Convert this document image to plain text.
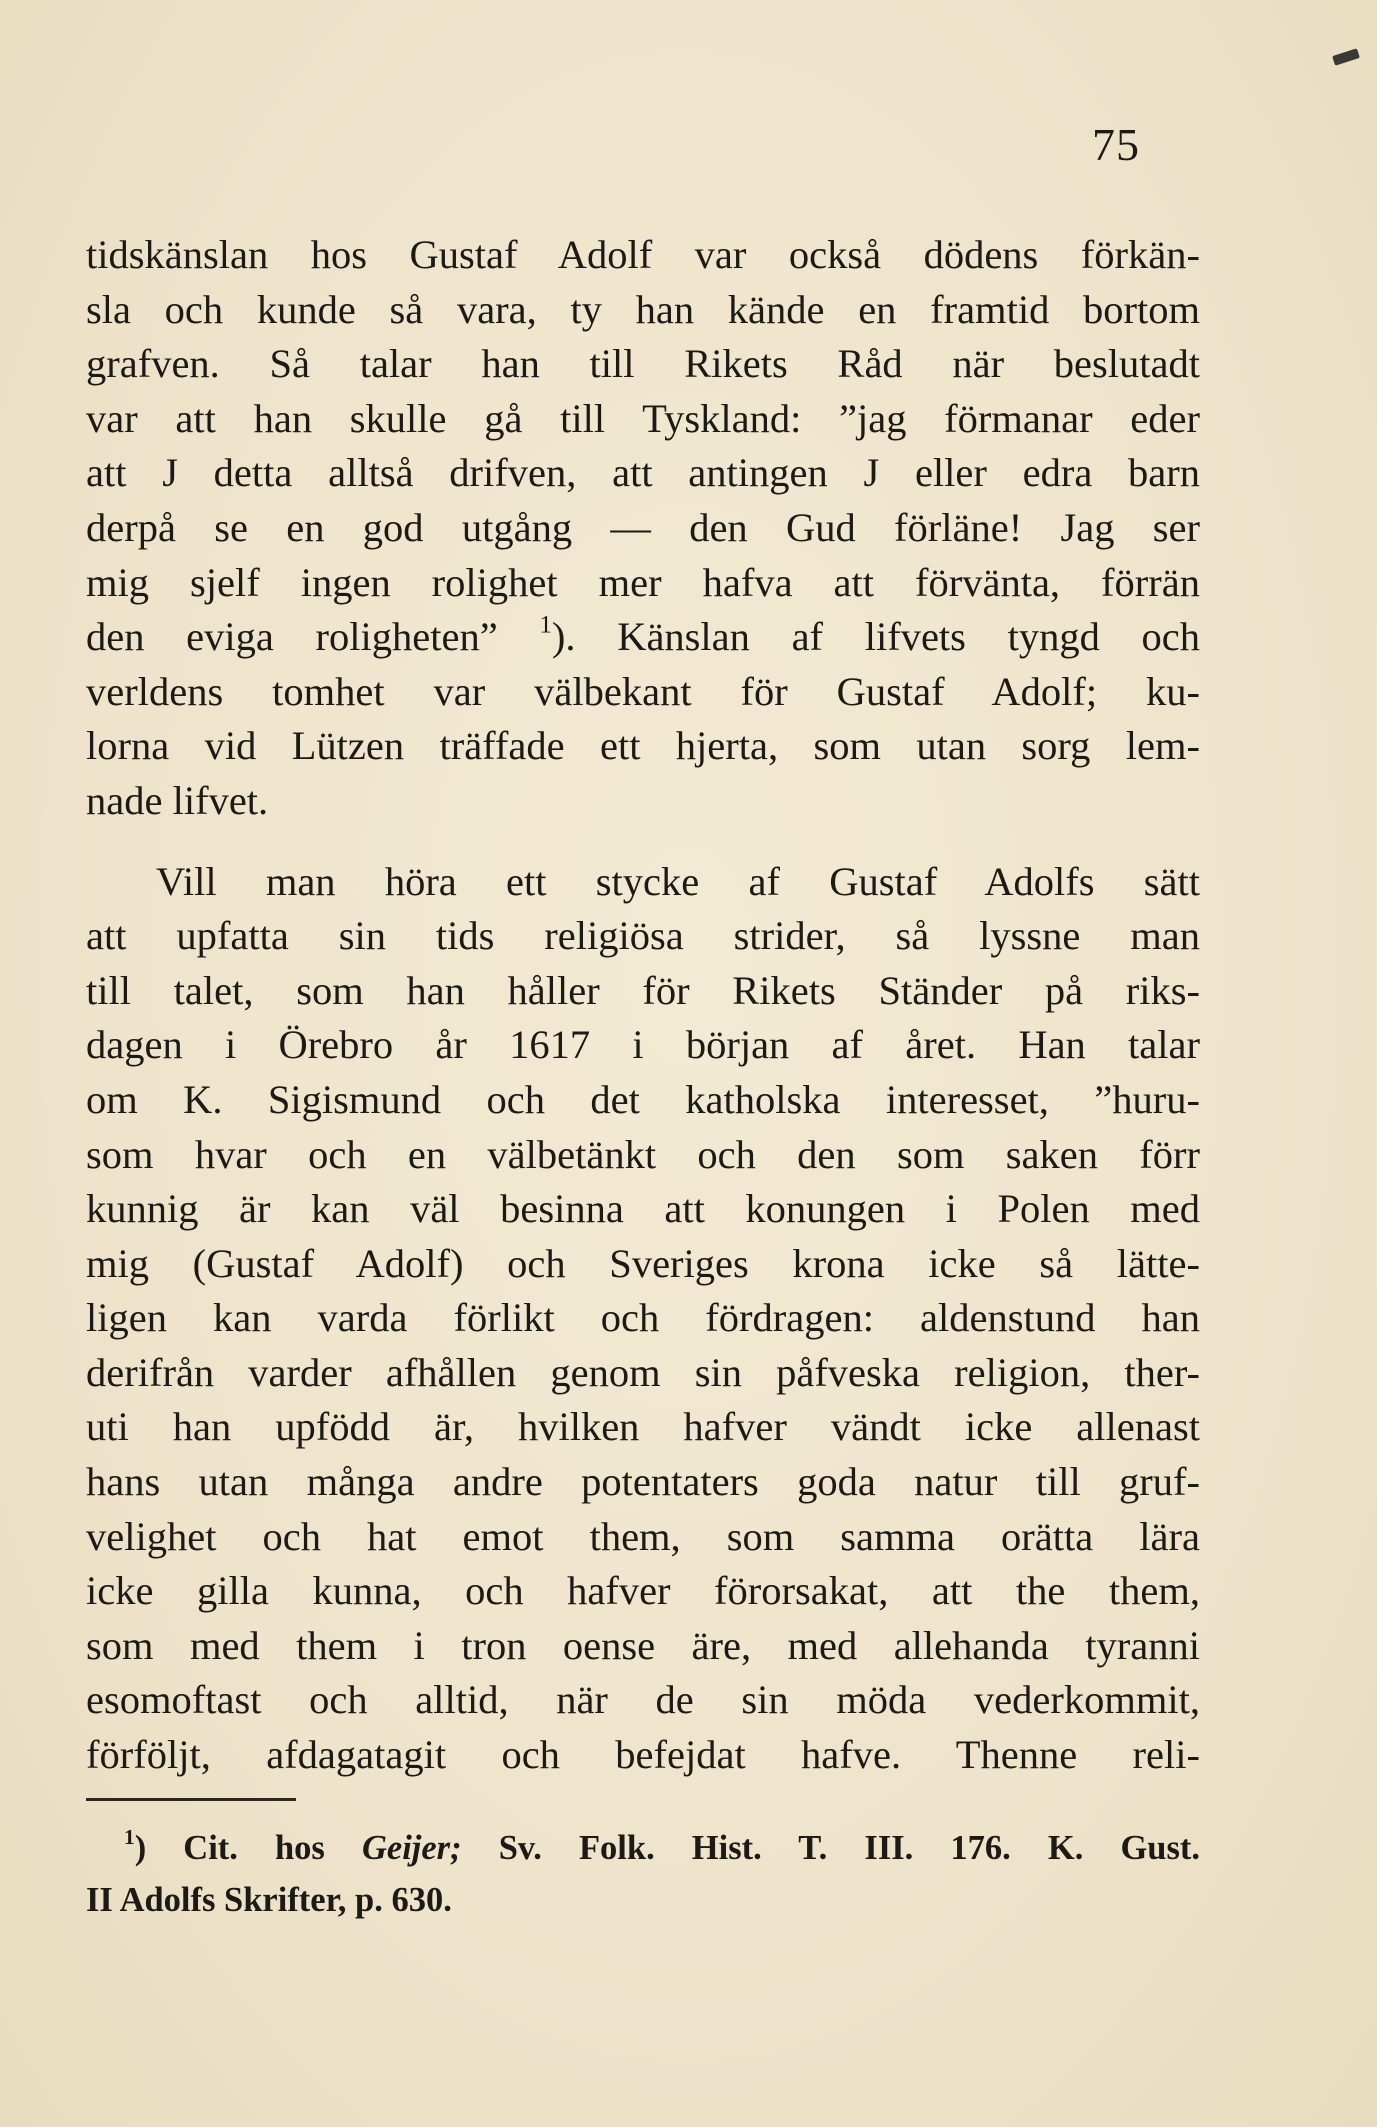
75
tidskänslan hos Gustaf Adolf var också dödens förkän-
sla och kunde så vara, ty han kände en framtid bortom
grafven. Så talar han till Rikets Råd när beslutadt
var att han skulle gå till Tyskland: ”jag förmanar eder
att J detta alltså drifven, att antingen J eller edra barn
derpå se en god utgång — den Gud förläne! Jag ser
mig sjelf ingen rolighet mer hafva att förvänta, förrän
den eviga roligheten” $^1$). Känslan af lifvets tyngd och
verldens tomhet var välbekant för Gustaf Adolf; ku-
lorna vid Lützen träffade ett hjerta, som utan sorg lem-
nade lifvet.
Vill man höra ett stycke af Gustaf Adolfs sätt
att upfatta sin tids religiösa strider, så lyssne man
till talet, som han håller för Rikets Ständer på riks-
dagen i Örebro år 1617 i början af året. Han talar
om K. Sigismund och det katholska interesset, ”huru-
som hvar och en välbetänkt och den som saken förr
kunnig är kan väl besinna att konungen i Polen med
mig (Gustaf Adolf) och Sveriges krona icke så lätte-
ligen kan varda förlikt och fördragen: aldenstund han
derifrån varder afhållen genom sin påfveska religion, ther-
uti han upfödd är, hvilken hafver vändt icke allenast
hans utan många andre potentaters goda natur till gruf-
velighet och hat emot them, som samma orätta lära
icke gilla kunna, och hafver förorsakat, att the them,
som med them i tron oense äre, med allehanda tyranni
esomoftast och alltid, när de sin möda vederkommit,
förföljt, afdagatagit och befejdat hafve. Thenne reli-
$^1$) Cit. hos Geijer; Sv. Folk. Hist. T. III. 176. K. Gust.
II Adolfs Skrifter, p. 630.
